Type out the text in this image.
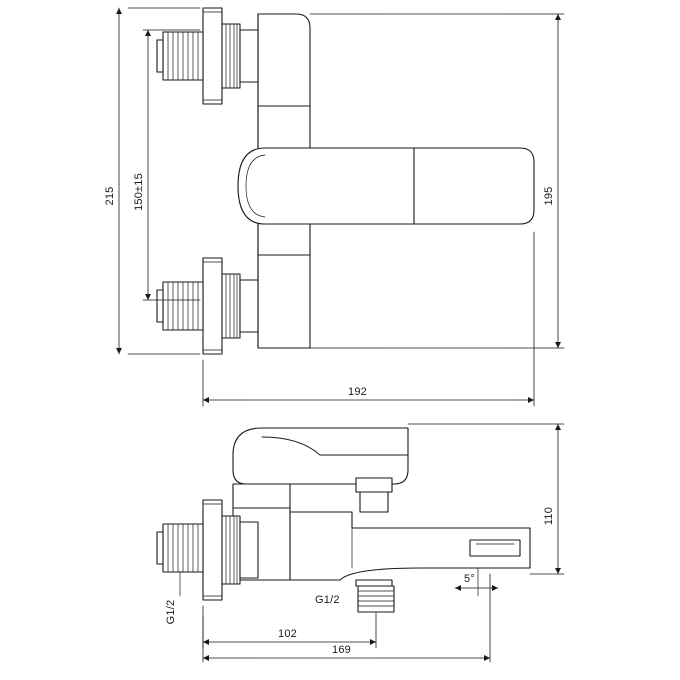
215 150±15	195
192
110
102
169
5°
G1/2	G1/2
